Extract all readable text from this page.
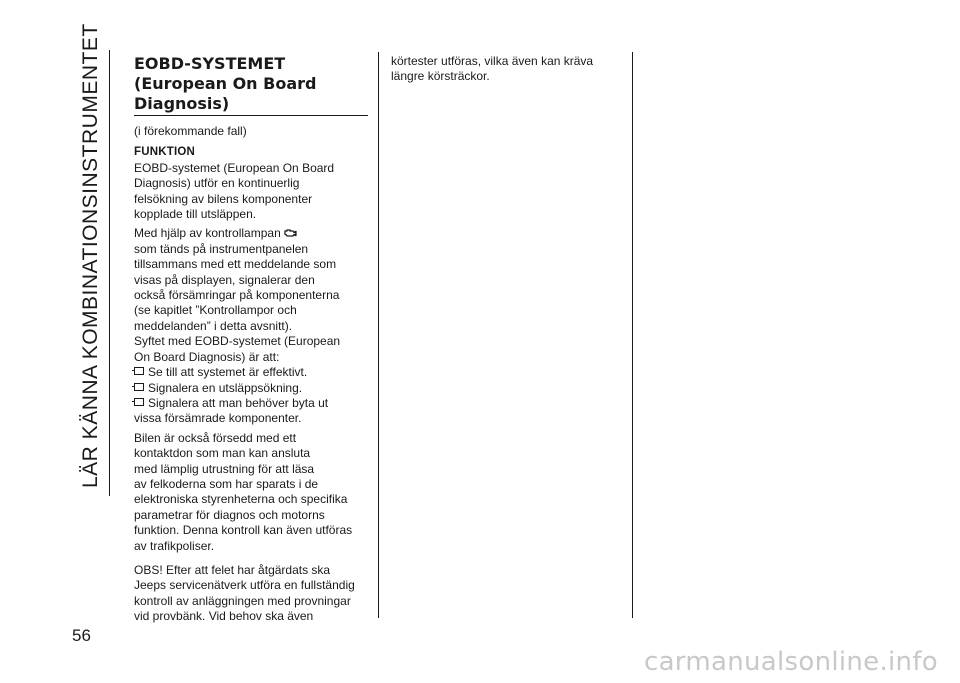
LÄR KÄNNA KOMBINATIONSINSTRUMENTET EOBD-SYSTEMET
(European On Board
Diagnosis)

(i förekommande fall)

FUNKTION

EOBD-systemet (European On Board
Diagnosis) utför en kontinuerlig
felsökning av bilens komponenter
kopplade till utsläppen.

Med hjälp av kontrollampan
som tänds på instrumentpanelen
tillsammans med ett meddelande som
visas på displayen, signalerar den
också försämringar på komponenterna
(se kapitlet ”Kontrollampor och
meddelanden” i detta avsnitt).

Syftet med EOBD-systemet (European
On Board Diagnosis) är att:

Se till att systemet är effektivt.
Signalera en utsläppsökning.
Signalera att man behöver byta ut
vissa försämrade komponenter.

Bilen är också försedd med ett
kontaktdon som man kan ansluta
med lämplig utrustning för att läsa
av felkoderna som har sparats i de
elektroniska styrenheterna och specifika
parametrar för diagnos och motorns
funktion. Denna kontroll kan även utföras
av trafikpoliser.

OBS! Efter att felet har åtgärdats ska
Jeeps servicenätverk utföra en fullständig
kontroll av anläggningen med provningar
vid provbänk. Vid behov ska även

körtester utföras, vilka även kan kräva
längre körsträckor.
56
carmanualsonline.info
